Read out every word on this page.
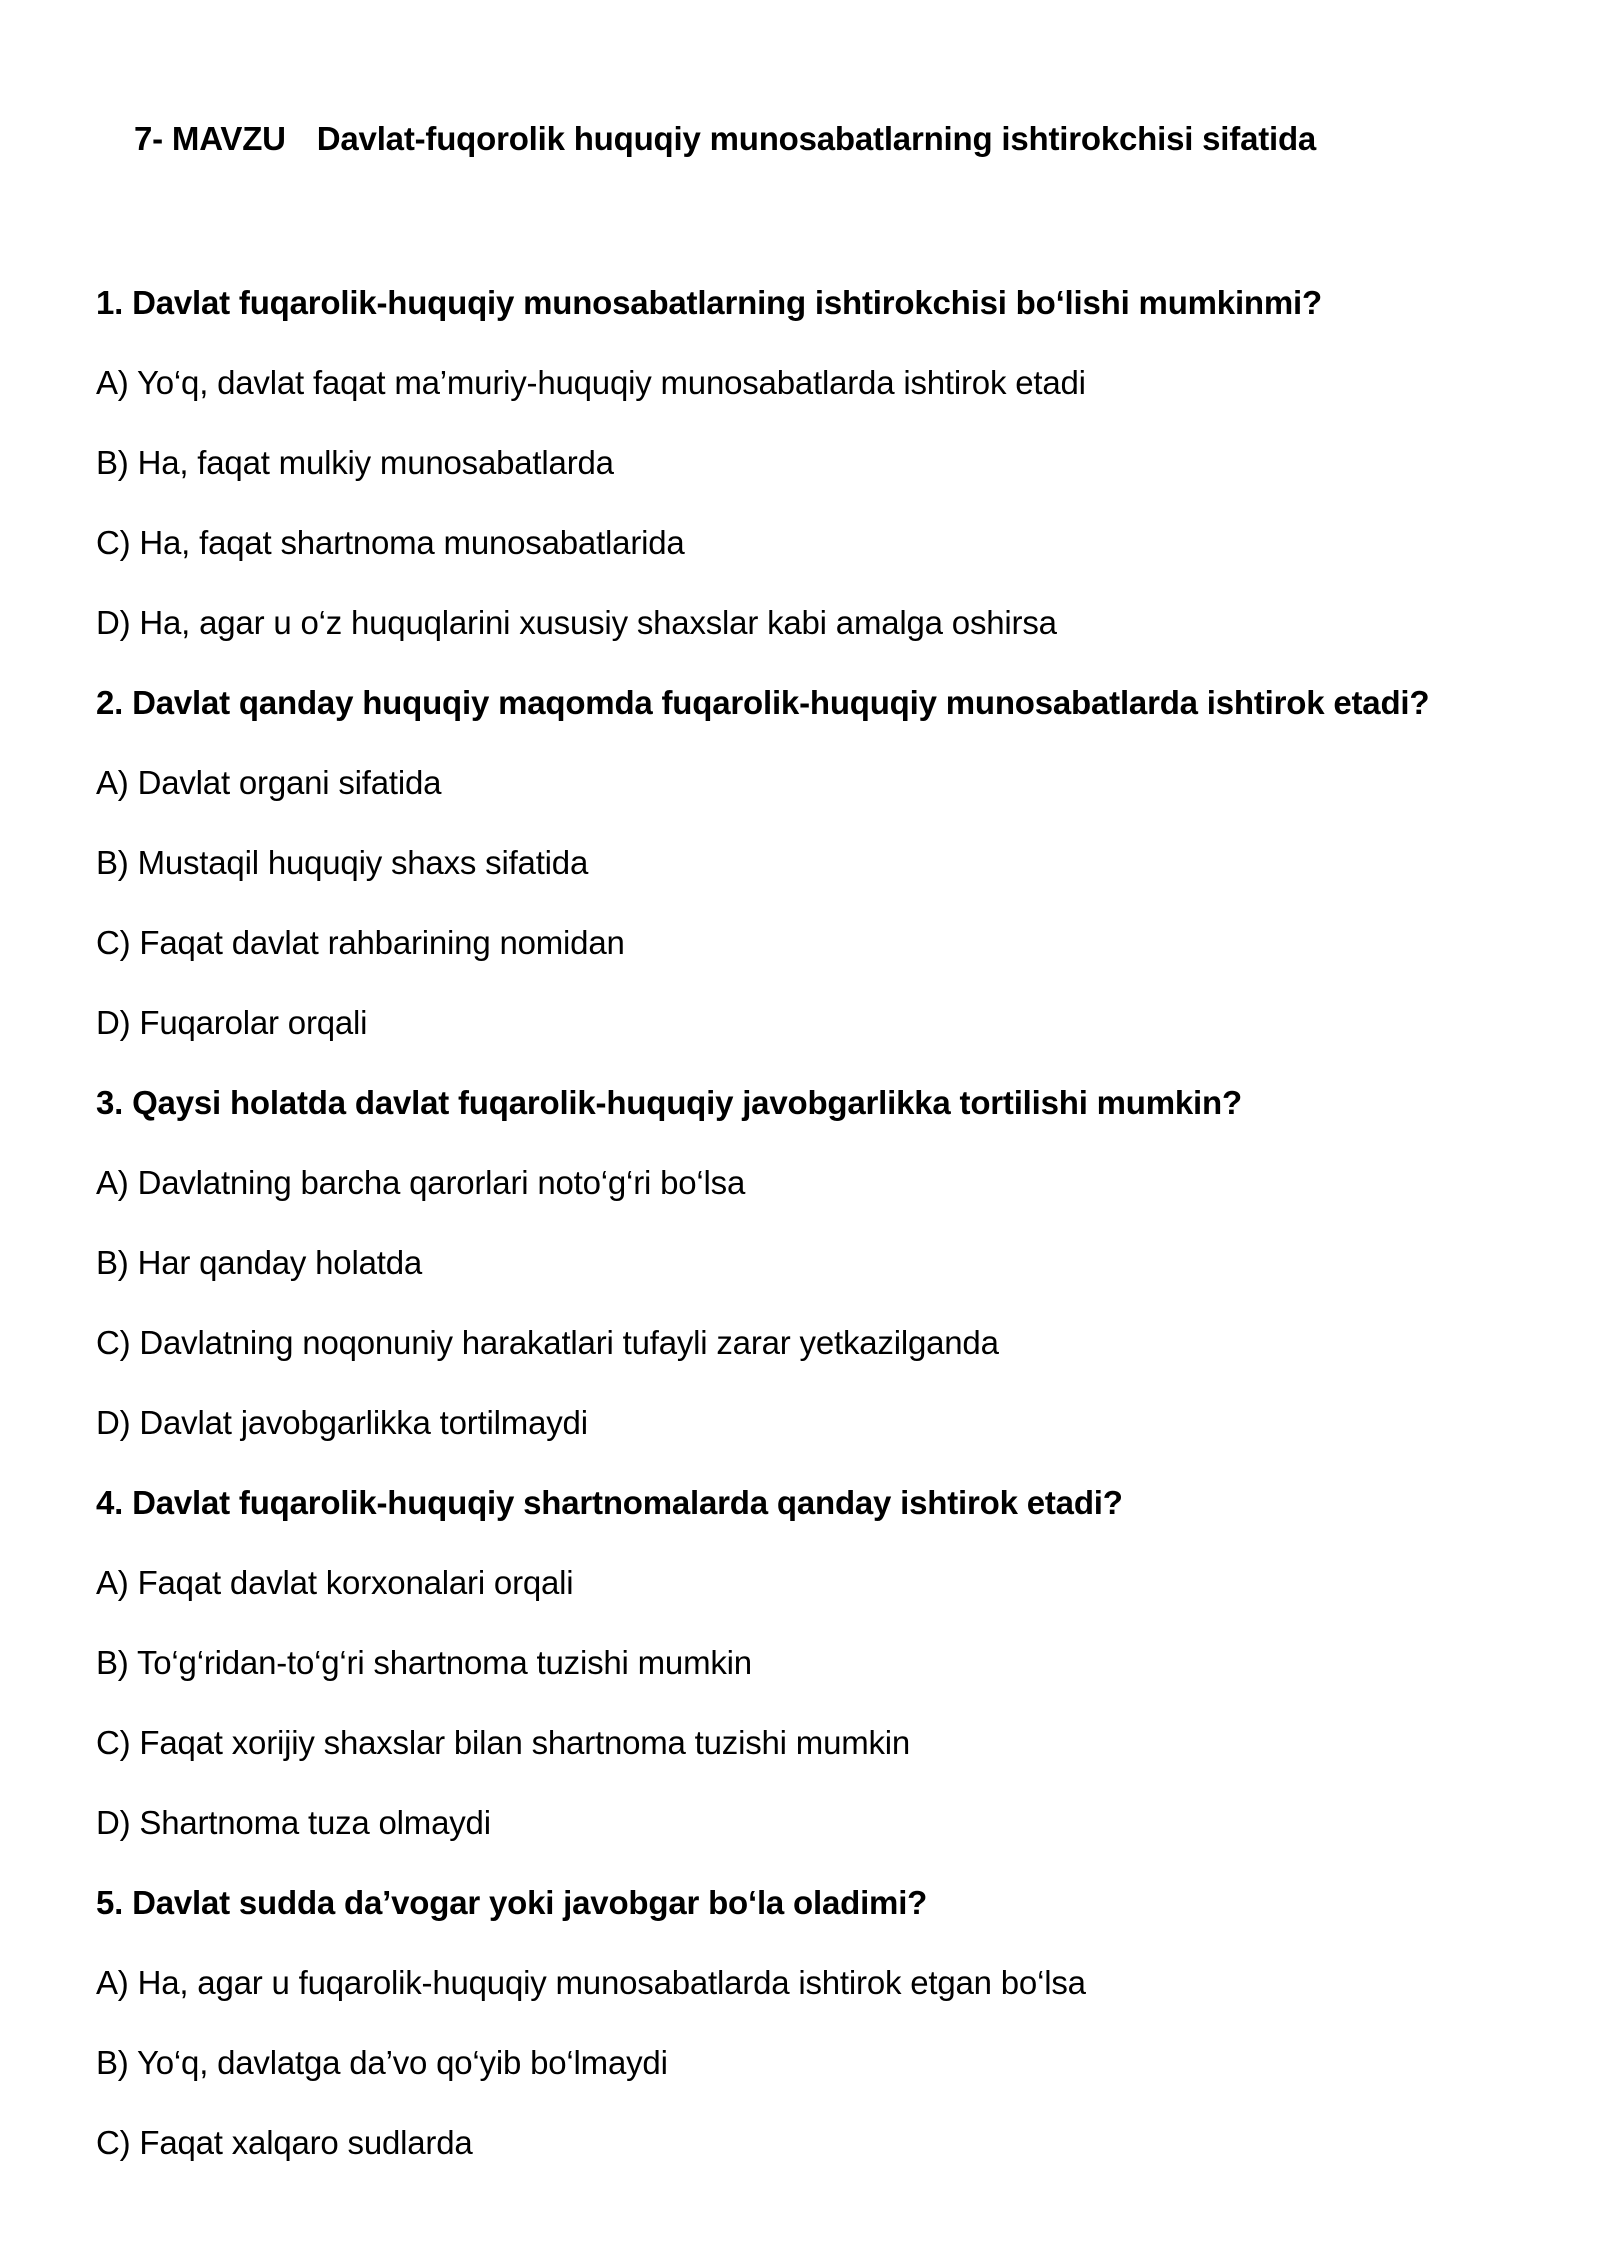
7- MAVZU Davlat-fuqorolik huquqiy munosabatlarning ishtirokchisi sifatida
1. Davlat fuqarolik-huquqiy munosabatlarning ishtirokchisi bo‘lishi mumkinmi?
A) Yo‘q, davlat faqat ma’muriy-huquqiy munosabatlarda ishtirok etadi
B) Ha, faqat mulkiy munosabatlarda
C) Ha, faqat shartnoma munosabatlarida
D) Ha, agar u o‘z huquqlarini xususiy shaxslar kabi amalga oshirsa
2. Davlat qanday huquqiy maqomda fuqarolik-huquqiy munosabatlarda ishtirok etadi?
A) Davlat organi sifatida
B) Mustaqil huquqiy shaxs sifatida
C) Faqat davlat rahbarining nomidan
D) Fuqarolar orqali
3. Qaysi holatda davlat fuqarolik-huquqiy javobgarlikka tortilishi mumkin?
A) Davlatning barcha qarorlari noto‘g‘ri bo‘lsa
B) Har qanday holatda
C) Davlatning noqonuniy harakatlari tufayli zarar yetkazilganda
D) Davlat javobgarlikka tortilmaydi
4. Davlat fuqarolik-huquqiy shartnomalarda qanday ishtirok etadi?
A) Faqat davlat korxonalari orqali
B) To‘g‘ridan-to‘g‘ri shartnoma tuzishi mumkin
C) Faqat xorijiy shaxslar bilan shartnoma tuzishi mumkin
D) Shartnoma tuza olmaydi
5. Davlat sudda da’vogar yoki javobgar bo‘la oladimi?
A) Ha, agar u fuqarolik-huquqiy munosabatlarda ishtirok etgan bo‘lsa
B) Yo‘q, davlatga da’vo qo‘yib bo‘lmaydi
C) Faqat xalqaro sudlarda
